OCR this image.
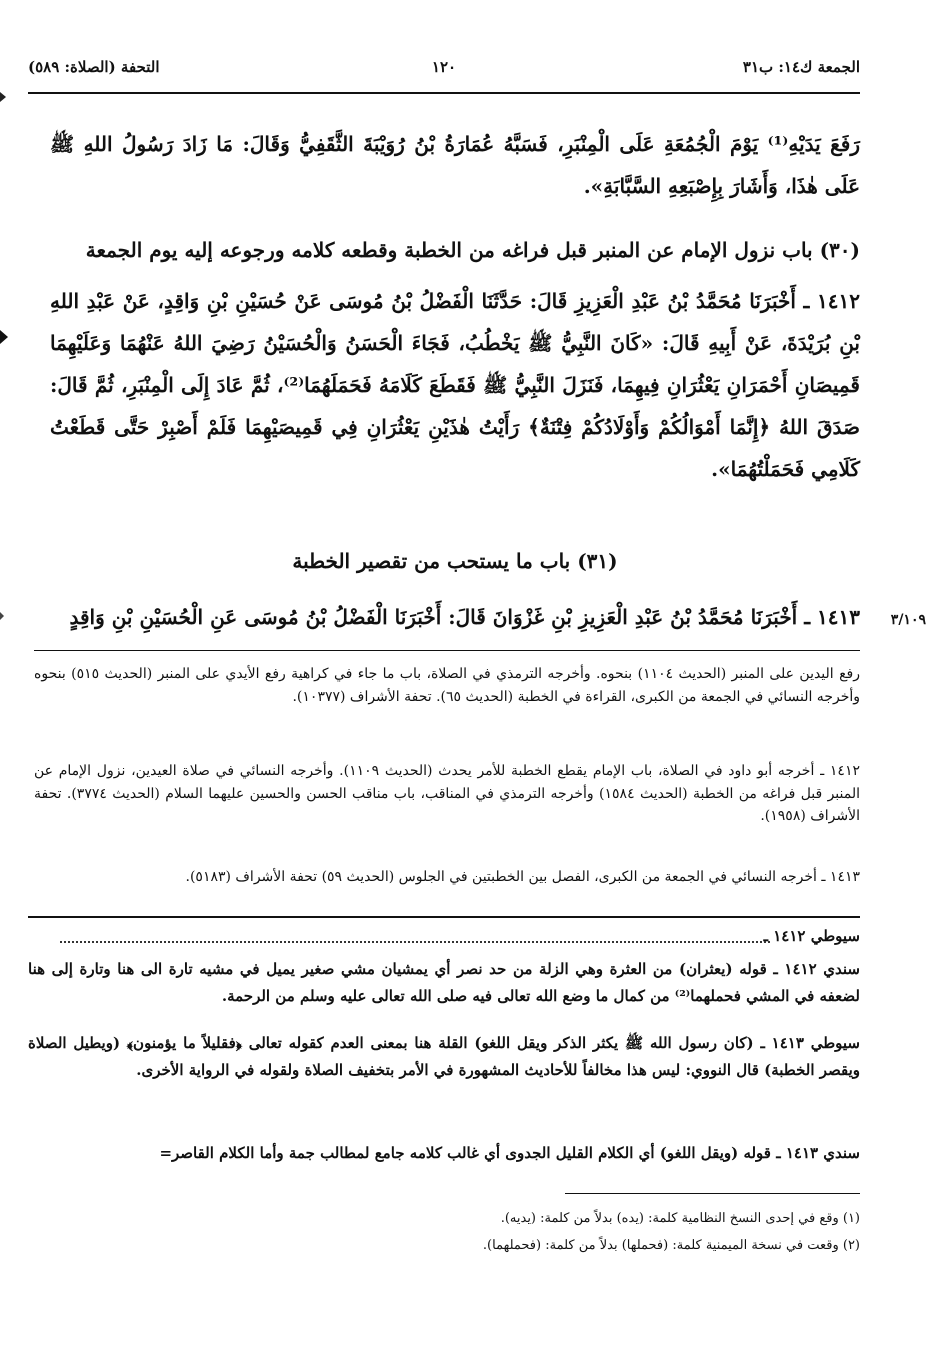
الجمعة ك١٤: ب٣١
١٢٠
التحفة (الصلاة: ٥٨٩)
رَفَعَ يَدَيْهِ⁽¹⁾ يَوْمَ الْجُمُعَةِ عَلَى الْمِنْبَرِ، فَسَبَّهُ عُمَارَةُ بْنُ رُوَيْبَةَ الثَّقَفِيُّ وَقَالَ: مَا زَادَ رَسُولُ اللهِ ﷺ عَلَى هٰذَا، وَأَشَارَ بِإِصْبَعِهِ السَّبَّابَةِ».
(٣٠) باب نزول الإمام عن المنبر قبل فراغه من الخطبة وقطعه كلامه ورجوعه إليه يوم الجمعة
١٤١٢ ـ أَخْبَرَنَا مُحَمَّدُ بْنُ عَبْدِ الْعَزِيزِ قَالَ: حَدَّثَنَا الْفَضْلُ بْنُ مُوسَى عَنْ حُسَيْنِ بْنِ وَاقِدٍ، عَنْ عَبْدِ اللهِ بْنِ بُرَيْدَةَ، عَنْ أَبِيهِ قَالَ: «كَانَ النَّبِيُّ ﷺ يَخْطُبُ، فَجَاءَ الْحَسَنُ وَالْحُسَيْنُ رَضِيَ اللهُ عَنْهُمَا وَعَلَيْهِمَا قَمِيصَانِ أَحْمَرَانِ يَعْثُرَانِ فِيهِمَا، فَنَزَلَ النَّبِيُّ ﷺ فَقَطَعَ كَلَامَهُ فَحَمَلَهُمَا⁽²⁾، ثُمَّ عَادَ إِلَى الْمِنْبَرِ، ثُمَّ قَالَ: صَدَقَ اللهُ ﴿إِنَّمَا أَمْوَالُكُمْ وَأَوْلَادُكُمْ فِتْنَةٌ﴾ رَأَيْتُ هٰذَيْنِ يَعْثُرَانِ فِي قَمِيصَيْهِمَا فَلَمْ أَصْبِرْ حَتَّى قَطَعْتُ كَلَامِي فَحَمَلْتُهُمَا».
(٣١) باب ما يستحب من تقصير الخطبة
١٤١٣ ـ أَخْبَرَنَا مُحَمَّدُ بْنُ عَبْدِ الْعَزِيزِ بْنِ غَزْوَانَ قَالَ: أَخْبَرَنَا الْفَضْلُ بْنُ مُوسَى عَنِ الْحُسَيْنِ بْنِ وَاقِدٍ ٣/١٠٩
رفع اليدين على المنبر (الحديث ١١٠٤) بنحوه. وأخرجه الترمذي في الصلاة، باب ما جاء في كراهية رفع الأيدي على المنبر (الحديث ٥١٥) بنحوه وأخرجه النسائي في الجمعة من الكبرى، القراءة في الخطبة (الحديث ٦٥). تحفة الأشراف (١٠٣٧٧).
١٤١٢ ـ أخرجه أبو داود في الصلاة، باب الإمام يقطع الخطبة للأمر يحدث (الحديث ١١٠٩). وأخرجه النسائي في صلاة العيدين، نزول الإمام عن المنبر قبل فراغه من الخطبة (الحديث ١٥٨٤) وأخرجه الترمذي في المناقب، باب مناقب الحسن والحسين عليهما السلام (الحديث ٣٧٧٤). تحفة الأشراف (١٩٥٨).
١٤١٣ ـ أخرجه النسائي في الجمعة من الكبرى، الفصل بين الخطبتين في الجلوس (الحديث ٥٩) تحفة الأشراف (٥١٨٣).
سيوطي ١٤١٢ ـ
سندي ١٤١٢ ـ قوله (يعثران) من العثرة وهي الزلة من حد نصر أي يمشيان مشي صغير يميل في مشيه تارة الى هنا وتارة إلى هنا لضعفه في المشي فحملهما⁽²⁾ من كمال ما وضع الله تعالى فيه صلى الله تعالى عليه وسلم من الرحمة.
سيوطي ١٤١٣ ـ (كان رسول الله ﷺ يكثر الذكر ويقل اللغو) القلة هنا بمعنى العدم كقوله تعالى ﴿فقليلاً ما يؤمنون﴾ (ويطيل الصلاة ويقصر الخطبة) قال النووي: ليس هذا مخالفاً للأحاديث المشهورة في الأمر بتخفيف الصلاة ولقوله في الرواية الأخرى.
سندي ١٤١٣ ـ قوله (ويقل اللغو) أي الكلام القليل الجدوى أي غالب كلامه جامع لمطالب جمة وأما الكلام القاصر=
(١) وقع في إحدى النسخ النظامية كلمة: (يده) بدلاً من كلمة: (يديه).
(٢) وقعت في نسخة الميمنية كلمة: (فحملها) بدلاً من كلمة: (فحملهما).
